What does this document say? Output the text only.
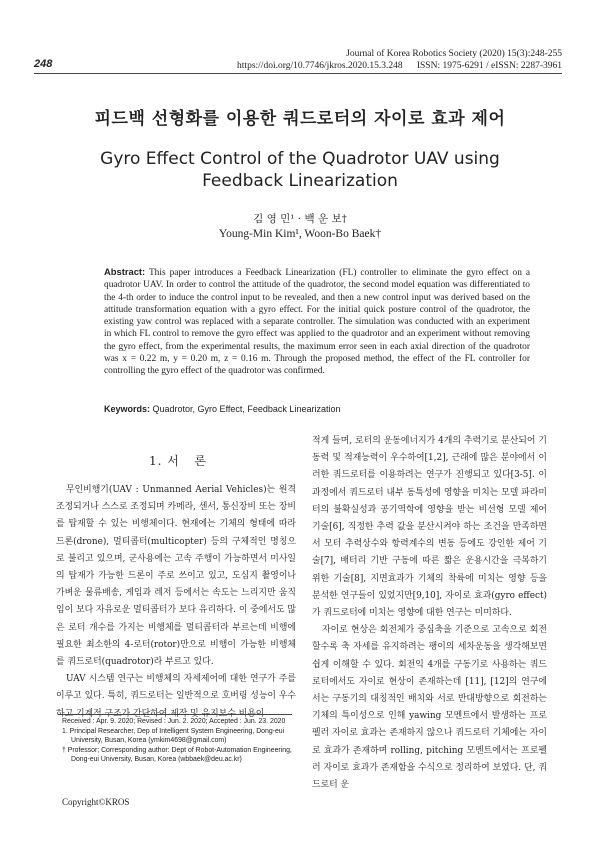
248
Journal of Korea Robotics Society (2020) 15(3):248-255
https://doi.org/10.7746/jkros.2020.15.3.248      ISSN: 1975-6291 / eISSN: 2287-3961
피드백 선형화를 이용한 쿼드로터의 자이로 효과 제어
Gyro Effect Control of the Quadrotor UAV using Feedback Linearization
김 영 민¹ · 백 운 보†
Young-Min Kim¹, Woon-Bo Baek†
Abstract: This paper introduces a Feedback Linearization (FL) controller to eliminate the gyro effect on a quadrotor UAV. In order to control the attitude of the quadrotor, the second model equation was differentiated to the 4-th order to induce the control input to be revealed, and then a new control input was derived based on the attitude transformation equation with a gyro effect. For the initial quick posture control of the quadrotor, the existing yaw control was replaced with a separate controller. The simulation was conducted with an experiment in which FL control to remove the gyro effect was applied to the quadrotor and an experiment without removing the gyro effect, from the experimental results, the maximum error seen in each axial direction of the quadrotor was x = 0.22 m, y = 0.20 m, z = 0.16 m. Through the proposed method, the effect of the FL controller for controlling the gyro effect of the quadrotor was confirmed.
Keywords: Quadrotor, Gyro Effect, Feedback Linearization
1. 서   론

무인비행기(UAV : Unmanned Aerial Vehicles)는 원격 조정되거나 스스로 조정되며 카메라, 센서, 통신장비 또는 장비를 탑재할 수 있는 비행체이다. 현재에는 기체의 형태에 따라 드론(drone), 멀티콥터(multicopter) 등의 구체적인 명칭으로 불리고 있으며, 군사용에는 고속 주행이 가능하면서 미사일의 탑재가 가능한 드론이 주로 쓰이고 있고, 도심지 촬영이나 가벼운 물류배송, 게임과 레저 등에서는 속도는 느리지만 움직임이 보다 자유로운 멀티콥터가 보다 유리하다. 이 중에서도 많은 로터 개수를 가지는 비행체를 멀티콥터라 부르는데 비행에 필요한 최소한의 4-로터(rotor)만으로 비행이 가능한 비행체를 쿼드로터(quadrotor)라 부르고 있다.

UAV 시스템 연구는 비행체의 자세제어에 대한 연구가 주를 이루고 있다. 특히, 쿼드로터는 일반적으로 호버링 성능이 우수하고 기계적 구조가 간단하여 제작 및 유지보수 비용이

적게 들며, 로터의 운동에너지가 4개의 추력기로 분산되어 기동력 및 적재능력이 우수하여[1,2], 근래에 많은 분야에서 이러한 쿼드로터를 이용하려는 연구가 진행되고 있다[3-5]. 이 과정에서 쿼드로터 내부 동특성에 영향을 미치는 모델 파라미터의 불확실성과 공기역학에 영향을 받는 비선형 모델 제어 기술[6], 직정한 추력 값을 분산시켜야 하는 조건을 만족하면서 모터 추력상수와 항력계수의 변동 등에도 강인한 제어 기술[7], 배터리 기반 구동에 따른 짧은 운용시간을 극복하기 위한 기술[8], 지면효과가 기체의 착륙에 미치는 영향 등을 분석한 연구들이 있었지만[9,10], 자이로 효과(gyro effect)가 쿼드로터에 미치는 영향에 대한 연구는 미미하다.

자이로 현상은 회전체가 중심축을 기준으로 고속으로 회전할수록 축 자세를 유지하려는 팽이의 세차운동을 생각해보면 쉽게 이해할 수 있다. 회전익 4개를 구동기로 사용하는 쿼드로터에서도 자이로 현상이 존재하는데 [11], [12]의 연구에서는 구동기의 대칭적인 배치와 서로 반대방향으로 회전하는 기체의 특이성으로 인해 yawing 모멘트에서 발생하는 프로펠러 자이로 효과는 존재하지 않으나 쿼드로터 기체에는 자이로 효과가 존재하며 rolling, pitching 모멘트에서는 프로펠러 자이로 효과가 존재함을 수식으로 정리하여 보였다. 단, 쿼드로터 운

Received : Apr. 9. 2020; Revised : Jun. 2. 2020; Accepted : Jun. 23. 2020
1. Principal Researcher, Dep of Intelligent System Engineering, Dong-eui University, Busan, Korea (ymkim4698@gmail.com)
† Professor; Corresponding author: Dept of Robot-Automation Engineering, Dong-eui University, Busan, Korea (wbbaek@deu.ac.kr)
Copyright©KROS
